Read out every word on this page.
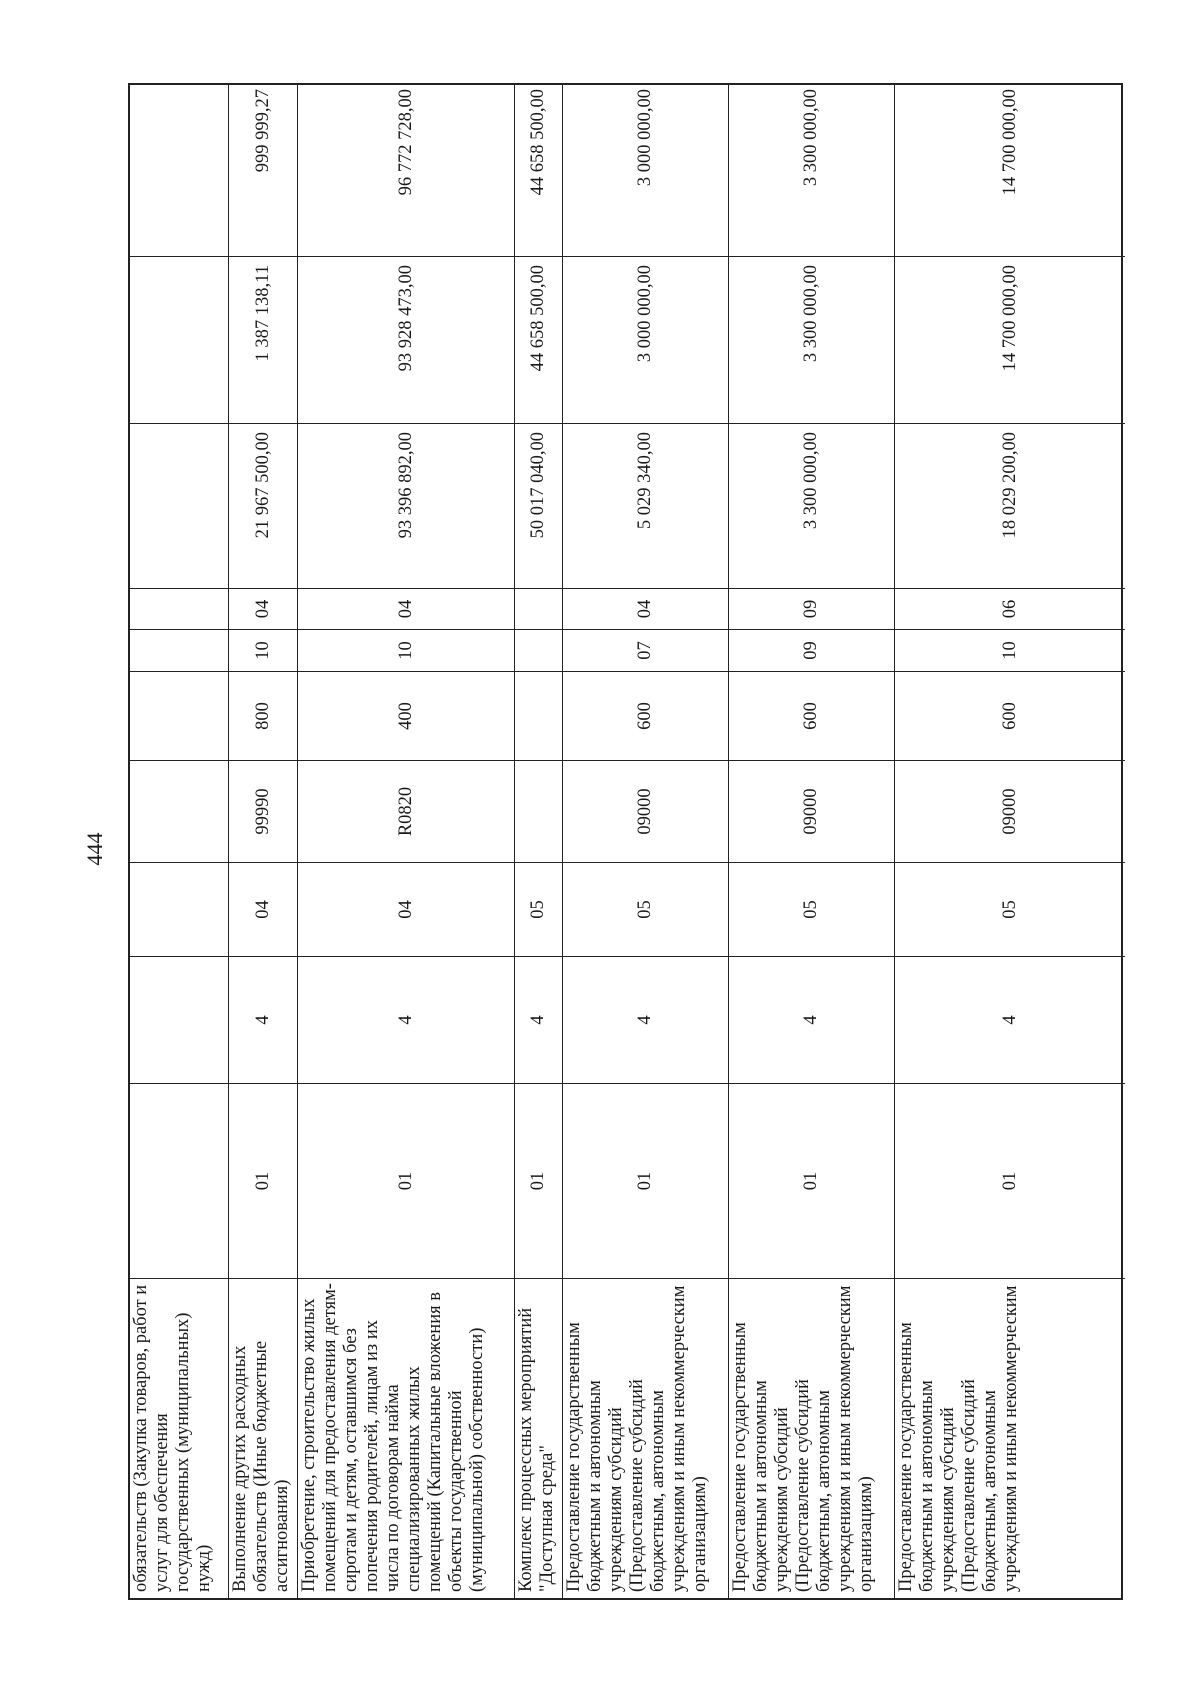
444
обязательств (Закупка товаров, работ и
услуг для обеспечения
государственных (муниципальных)
нужд) Выполнение других расходных
обязательств (Иные бюджетные
ассигнования)
01
4
04
99990
800
10
04
21 967 500,00
1 387 138,11
999 999,27
Приобретение, строительство жилых
помещений для предоставления детям-
сиротам и детям, оставшимся без
попечения родителей, лицам из их
числа по договорам найма
специализированных жилых
помещений (Капитальные вложения в
объекты государственной
(муниципальной) собственности)
01
4
04
R0820
400
10
04
93 396 892,00
93 928 473,00
96 772 728,00
Комплекс процессных мероприятий
"Доступная среда"
01
4
05
50 017 040,00
44 658 500,00
44 658 500,00
Предоставление государственным
бюджетным и автономным
учреждениям субсидий
(Предоставление субсидий
бюджетным, автономным
учреждениям и иным некоммерческим
организациям)
01
4
05
09000
600
07
04
5 029 340,00
3 000 000,00
3 000 000,00
Предоставление государственным
бюджетным и автономным
учреждениям субсидий
(Предоставление субсидий
бюджетным, автономным
учреждениям и иным некоммерческим
организациям)
01
4
05
09000
600
09
09
3 300 000,00
3 300 000,00
3 300 000,00
Предоставление государственным
бюджетным и автономным
учреждениям субсидий
(Предоставление субсидий
бюджетным, автономным
учреждениям и иным некоммерческим
01
4
05
09000
600
10
06
18 029 200,00
14 700 000,00
14 700 000,00
